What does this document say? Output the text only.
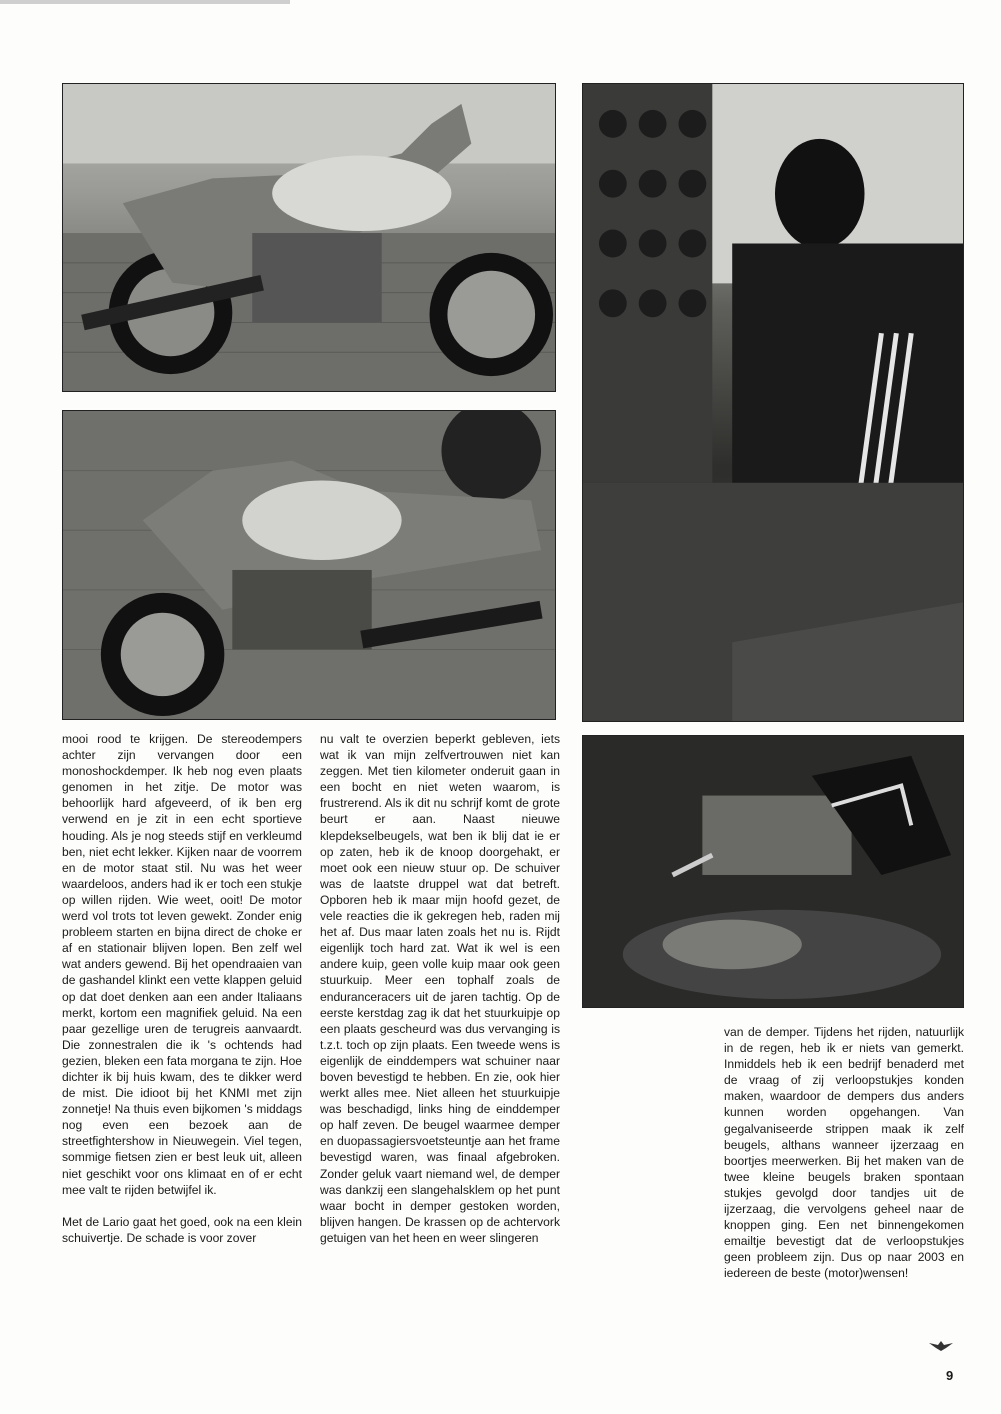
mooi rood te krijgen. De stereodempers achter zijn vervangen door een monoshockdemper. Ik heb nog even plaats genomen in het zitje. De motor was behoorlijk hard afgeveerd, of ik ben erg verwend en je zit in een echt sportieve houding. Als je nog steeds stijf en verkleumd ben, niet echt lekker. Kijken naar de voorrem en de motor staat stil. Nu was het weer waardeloos, anders had ik er toch een stukje op willen rijden. Wie weet, ooit! De motor werd vol trots tot leven gewekt. Zonder enig probleem starten en bijna direct de choke er af en stationair blijven lopen. Ben zelf wel wat anders gewend. Bij het opendraaien van de gashandel klinkt een vette klappen geluid op dat doet denken aan een ander Italiaans merkt, kortom een magnifiek geluid. Na een paar gezellige uren de terugreis aanvaardt. Die zonnestralen die ik 's ochtends had gezien, bleken een fata morgana te zijn. Hoe dichter ik bij huis kwam, des te dikker werd de mist. Die idioot bij het KNMI met zijn zonnetje! Na thuis even bijkomen 's middags nog even een bezoek aan de streetfightershow in Nieuwegein. Viel tegen, sommige fietsen zien er best leuk uit, alleen niet geschikt voor ons klimaat en of er echt mee valt te rijden betwijfel ik.

Met de Lario gaat het goed, ook na een klein schuivertje. De schade is voor zover

nu valt te overzien beperkt gebleven, iets wat ik van mijn zelfvertrouwen niet kan zeggen. Met tien kilometer onderuit gaan in een bocht en niet weten waarom, is frustrerend. Als ik dit nu schrijf komt de grote beurt er aan. Naast nieuwe klepdekselbeugels, wat ben ik blij dat ie er op zaten, heb ik de knoop doorgehakt, er moet ook een nieuw stuur op. De schuiver was de laatste druppel wat dat betreft. Opboren heb ik maar mijn hoofd gezet, de vele reacties die ik gekregen heb, raden mij het af. Dus maar laten zoals het nu is. Rijdt eigenlijk toch hard zat. Wat ik wel is een andere kuip, geen volle kuip maar ook geen stuurkuip. Meer een tophalf zoals de enduranceracers uit de jaren tachtig. Op de eerste kerstdag zag ik dat het stuurkuipje op een plaats gescheurd was dus vervanging is t.z.t. toch op zijn plaats. Een tweede wens is eigenlijk de einddempers wat schuiner naar boven bevestigd te hebben. En zie, ook hier werkt alles mee. Niet alleen het stuurkuipje was beschadigd, links hing de einddemper op half zeven. De beugel waarmee demper en duopassagiersvoetsteuntje aan het frame bevestigd waren, was finaal afgebroken. Zonder geluk vaart niemand wel, de demper was dankzij een slangehalsklem op het punt waar bocht in demper gestoken worden, blijven hangen. De krassen op de achtervork getuigen van het heen en weer slingeren

van de demper. Tijdens het rijden, natuurlijk in de regen, heb ik er niets van gemerkt. Inmiddels heb ik een bedrijf benaderd met de vraag of zij verloopstukjes konden maken, waardoor de dempers dus anders kunnen worden opgehangen. Van gegalvaniseerde strippen maak ik zelf beugels, althans wanneer ijzerzaag en boortjes meerwerken. Bij het maken van de twee kleine beugels braken spontaan stukjes gevolgd door tandjes uit de ijzerzaag, die vervolgens geheel naar de knoppen ging. Een net binnengekomen emailtje bevestigt dat de verloopstukjes geen probleem zijn. Dus op naar 2003 en iedereen de beste (motor)wensen!

9
